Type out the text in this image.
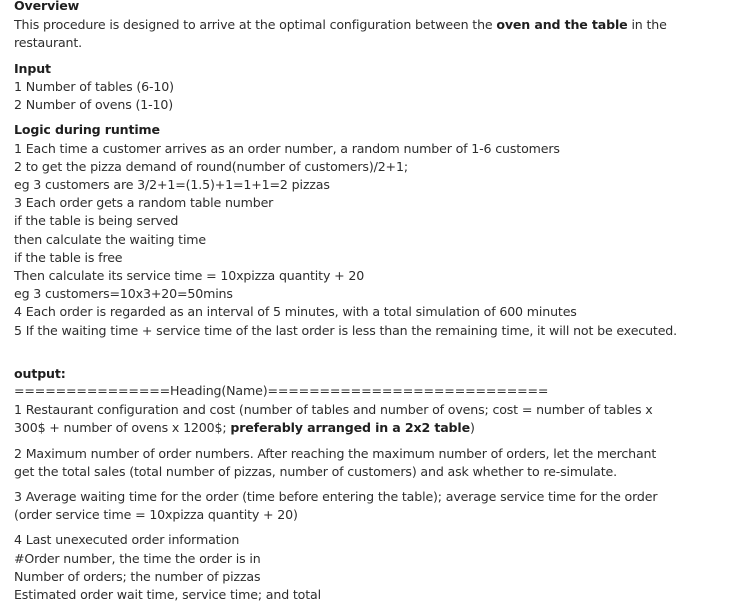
Overview
This procedure is designed to arrive at the optimal configuration between the oven and the table in the
restaurant.
Input
1 Number of tables (6-10)
2 Number of ovens (1-10)
Logic during runtime
1 Each time a customer arrives as an order number, a random number of 1-6 customers
2 to get the pizza demand of round(number of customers)/2+1;
eg 3 customers are 3/2+1=(1.5)+1=1+1=2 pizzas
3 Each order gets a random table number
if the table is being served
then calculate the waiting time
if the table is free
Then calculate its service time = 10xpizza quantity + 20
eg 3 customers=10x3+20=50mins
4 Each order is regarded as an interval of 5 minutes, with a total simulation of 600 minutes
5 If the waiting time + service time of the last order is less than the remaining time, it will not be executed.
output:
===============Heading(Name)===========================
1 Restaurant configuration and cost (number of tables and number of ovens; cost = number of tables x
300$ + number of ovens x 1200$; preferably arranged in a 2x2 table)
2 Maximum number of order numbers. After reaching the maximum number of orders, let the merchant
get the total sales (total number of pizzas, number of customers) and ask whether to re-simulate.
3 Average waiting time for the order (time before entering the table); average service time for the order
(order service time = 10xpizza quantity + 20)
4 Last unexecuted order information
#Order number, the time the order is in
Number of orders; the number of pizzas
Estimated order wait time, service time; and total
